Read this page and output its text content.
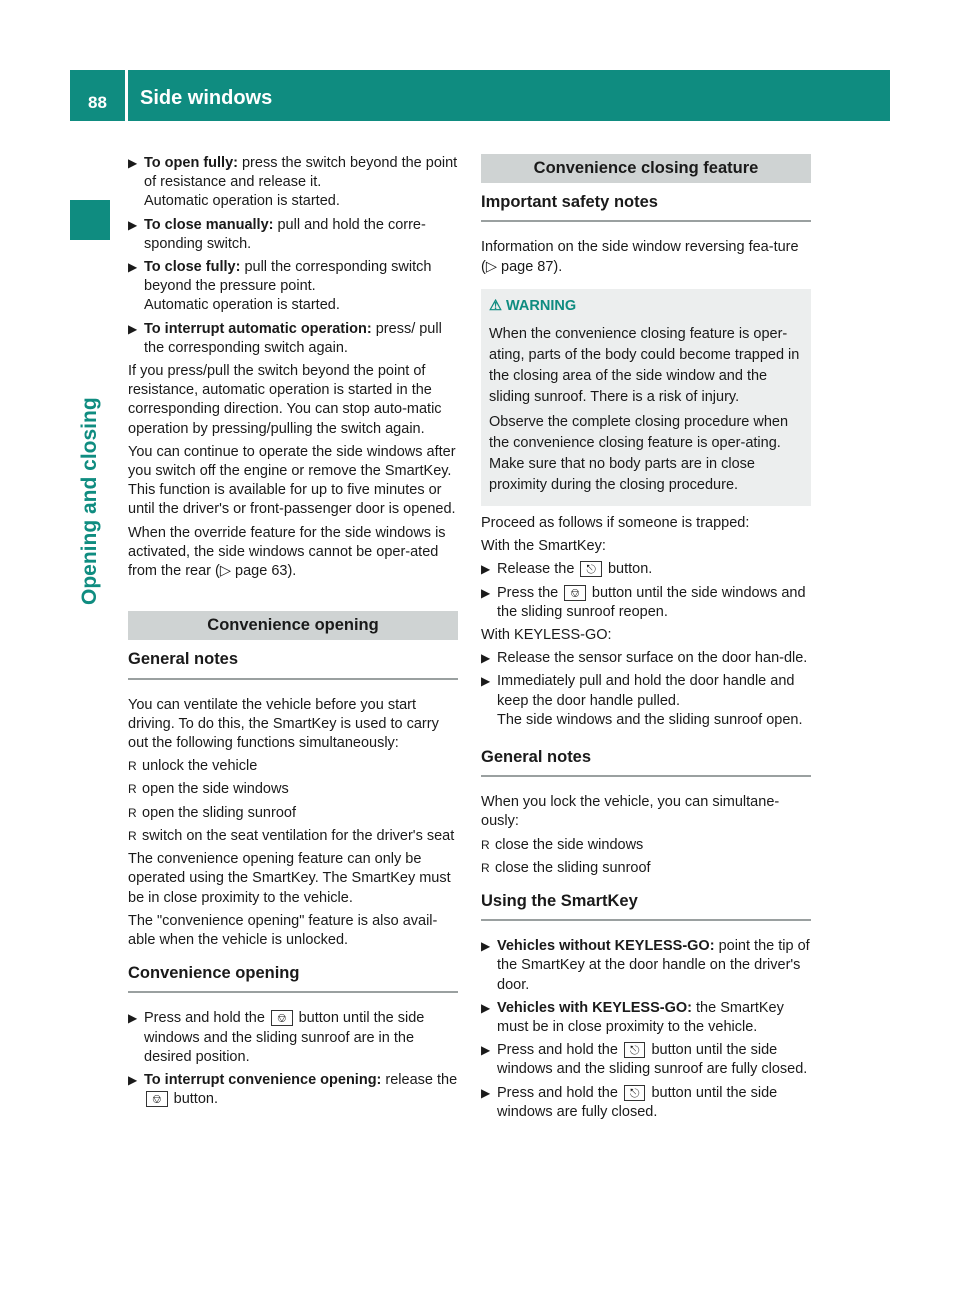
88 Side windows
Opening and closing
▶ To open fully: press the switch beyond the point of resistance and release it.
Automatic operation is started.
▶ To close manually: pull and hold the corre-sponding switch.
▶ To close fully: pull the corresponding switch beyond the pressure point.
Automatic operation is started.
▶ To interrupt automatic operation: press/ pull the corresponding switch again.

If you press/pull the switch beyond the point of resistance, automatic operation is started in the corresponding direction. You can stop auto-matic operation by pressing/pulling the switch again.

You can continue to operate the side windows after you switch off the engine or remove the SmartKey. This function is available for up to five minutes or until the driver's or front-passenger door is opened.

When the override feature for the side windows is activated, the side windows cannot be oper-ated from the rear (▷ page 63).

Convenience opening
General notes

You can ventilate the vehicle before you start driving. To do this, the SmartKey is used to carry out the following functions simultaneously:

R unlock the vehicle
R open the side windows
R open the sliding sunroof
R switch on the seat ventilation for the driver's seat

The convenience opening feature can only be operated using the SmartKey. The SmartKey must be in close proximity to the vehicle.

The "convenience opening" feature is also avail-able when the vehicle is unlocked.

Convenience opening
▶ Press and hold the ⎊ button until the side windows and the sliding sunroof are in the desired position.
▶ To interrupt convenience opening: release the ⎊ button.
Convenience closing feature
Important safety notes

Information on the side window reversing fea-ture (▷ page 87).

⚠ WARNING

When the convenience closing feature is oper-ating, parts of the body could become trapped in the closing area of the side window and the sliding sunroof. There is a risk of injury.

Observe the complete closing procedure when the convenience closing feature is oper-ating. Make sure that no body parts are in close proximity during the closing procedure.

Proceed as follows if someone is trapped:

With the SmartKey:

▶ Release the ⎋ button.
▶ Press the ⎊ button until the side windows and the sliding sunroof reopen.

With KEYLESS-GO:

▶ Release the sensor surface on the door han-dle.
▶ Immediately pull and hold the door handle and keep the door handle pulled.
The side windows and the sliding sunroof open.
General notes

When you lock the vehicle, you can simultane-ously:

R close the side windows
R close the sliding sunroof
Using the SmartKey
▶ Vehicles without KEYLESS-GO: point the tip of the SmartKey at the door handle on the driver's door.
▶ Vehicles with KEYLESS-GO: the SmartKey must be in close proximity to the vehicle.
▶ Press and hold the ⎋ button until the side windows and the sliding sunroof are fully closed.
▶ Press and hold the ⎋ button until the side windows are fully closed.
